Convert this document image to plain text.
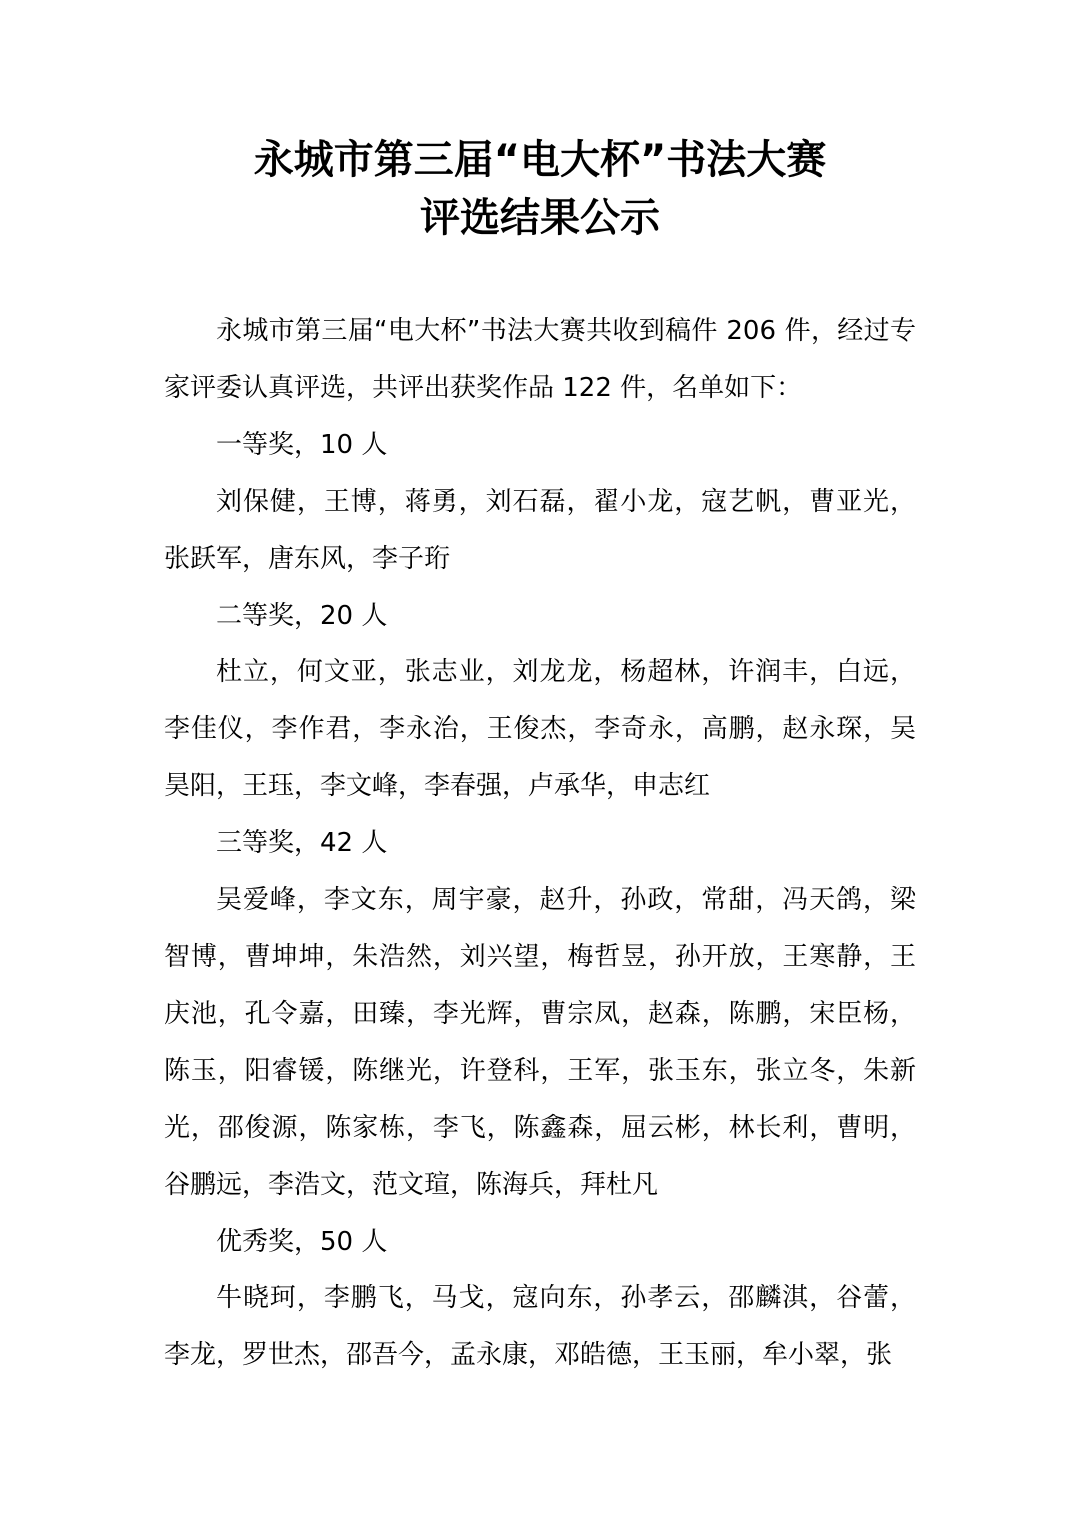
永城市第三届“电大杯”书法大赛
评选结果公示

永城市第三届“电大杯”书法大赛共收到稿件 206 件，经过专家评委认真评选，共评出获奖作品 122 件，名单如下：

一等奖，10 人

刘保健，王博，蒋勇，刘石磊，翟小龙，寇艺帆，曹亚光，张跃军，唐东风，李子珩

二等奖，20 人

杜立，何文亚，张志业，刘龙龙，杨超林，许润丰，白远，李佳仪，李作君，李永治，王俊杰，李奇永，高鹏，赵永琛，吴昊阳，王珏，李文峰，李春强，卢承华，申志红

三等奖，42 人

吴爱峰，李文东，周宇豪，赵升，孙政，常甜，冯天鸽，梁智博，曹坤坤，朱浩然，刘兴望，梅哲昱，孙开放，王寒静，王庆池，孔令嘉，田臻，李光辉，曹宗凤，赵森，陈鹏，宋臣杨，陈玉，阳睿锾，陈继光，许登科，王军，张玉东，张立冬，朱新光，邵俊源，陈家栋，李飞，陈鑫森，屈云彬，林长利，曹明，谷鹏远，李浩文，范文瑄，陈海兵，拜杜凡

优秀奖，50 人

牛晓珂，李鹏飞，马戈，寇向东，孙孝云，邵麟淇，谷蕾，李龙，罗世杰，邵吾今，孟永康，邓皓德，王玉丽，牟小翠，张
